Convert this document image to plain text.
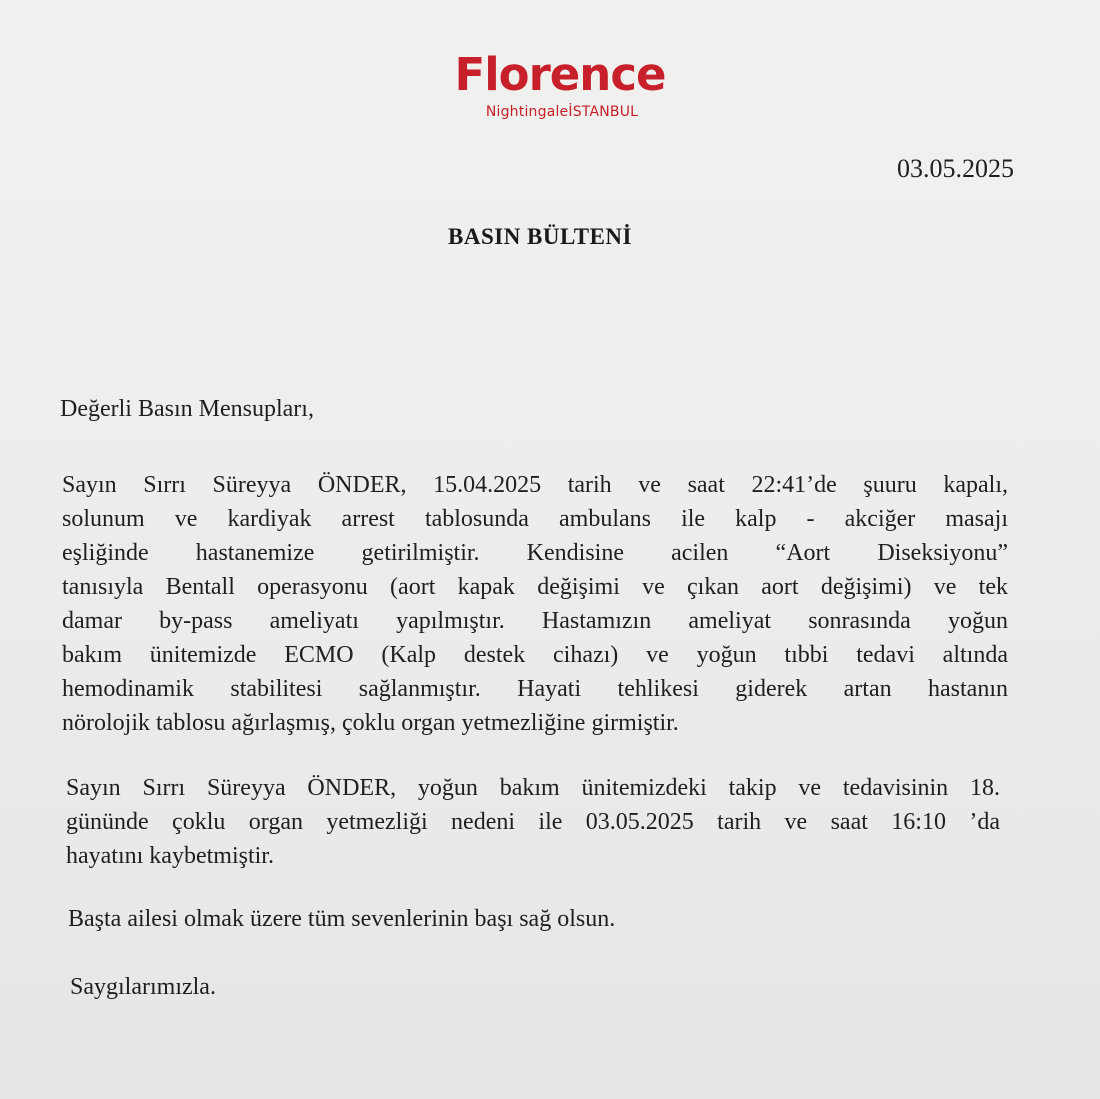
Florence
NightingaleİSTANBUL
03.05.2025
BASIN BÜLTENİ
Değerli Basın Mensupları,
Sayın Sırrı Süreyya ÖNDER, 15.04.2025 tarih ve saat 22:41’de şuuru kapalı,
solunum ve kardiyak arrest tablosunda ambulans ile kalp - akciğer masajı
eşliğinde hastanemize getirilmiştir. Kendisine acilen “Aort Diseksiyonu”
tanısıyla Bentall operasyonu (aort kapak değişimi ve çıkan aort değişimi) ve tek
damar by-pass ameliyatı yapılmıştır. Hastamızın ameliyat sonrasında yoğun
bakım ünitemizde ECMO (Kalp destek cihazı) ve yoğun tıbbi tedavi altında
hemodinamik stabilitesi sağlanmıştır. Hayati tehlikesi giderek artan hastanın
nörolojik tablosu ağırlaşmış, çoklu organ yetmezliğine girmiştir.
Sayın Sırrı Süreyya ÖNDER, yoğun bakım ünitemizdeki takip ve tedavisinin 18.
gününde çoklu organ yetmezliği nedeni ile 03.05.2025 tarih ve saat 16:10 ’da
hayatını kaybetmiştir.
Başta ailesi olmak üzere tüm sevenlerinin başı sağ olsun.
Saygılarımızla.
